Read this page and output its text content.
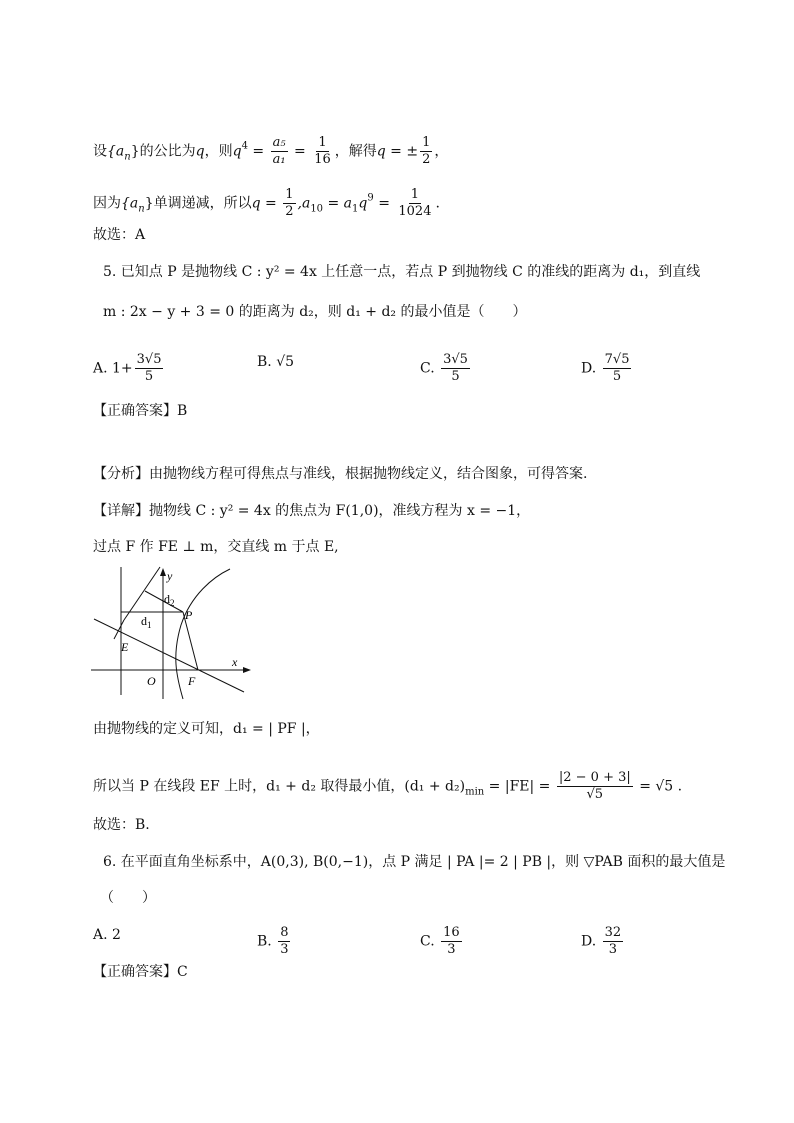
设$\{a_n\}$的公比为q，则$q^4 = \frac{\text{a₅}}{\text{a₁}} = \frac{1}{16}$ ，解得q = ± $\frac{1}{2}$ ，
因为$\{a_n\}$单调递减，所以$q = \frac{1}{2} ,a_{10} = a_1q^9 = \frac{1}{1024}$ .
故选：A
5. 已知点 P 是抛物线 C : y² = 4x 上任意一点，若点 P 到抛物线 C 的准线的距离为 d₁，到直线
m : 2x − y + 3 = 0 的距离为 d₂，则 d₁ + d₂ 的最小值是（　　）
A. $1+ \frac{3√5}{5}$	B. √5	C. $\frac{3√5}{5}$	D. $\frac{7√5}{5}$
【正确答案】B
【分析】由抛物线方程可得焦点与准线，根据抛物线定义，结合图象，可得答案.
【详解】抛物线 C : y² = 4x 的焦点为 F(1,0)，准线方程为 x = −1，
过点 F 作 FE ⊥ m，交直线 m 于点 E,
y
x
$d_2$
$d_1$
P
E
O	F
由抛物线的定义可知，d₁ = | PF |，
所以当 P 在线段 EF 上时，d₁ + d₂ 取得最小值，$(d_1 + d_2)_{min} = |FE| = \frac{|2 - 0 + 3|}{√5} = √5$ .
故选：B.
6. 在平面直角坐标系中，A(0,3), B(0,−1)，点 P 满足 | PA |= 2 | PB |，则 ▽PAB 面积的最大值是
（　　）
A. 2	B. $\frac{8}{3}$	C. $\frac{16}{3}$	D. $\frac{32}{3}$
【正确答案】C
